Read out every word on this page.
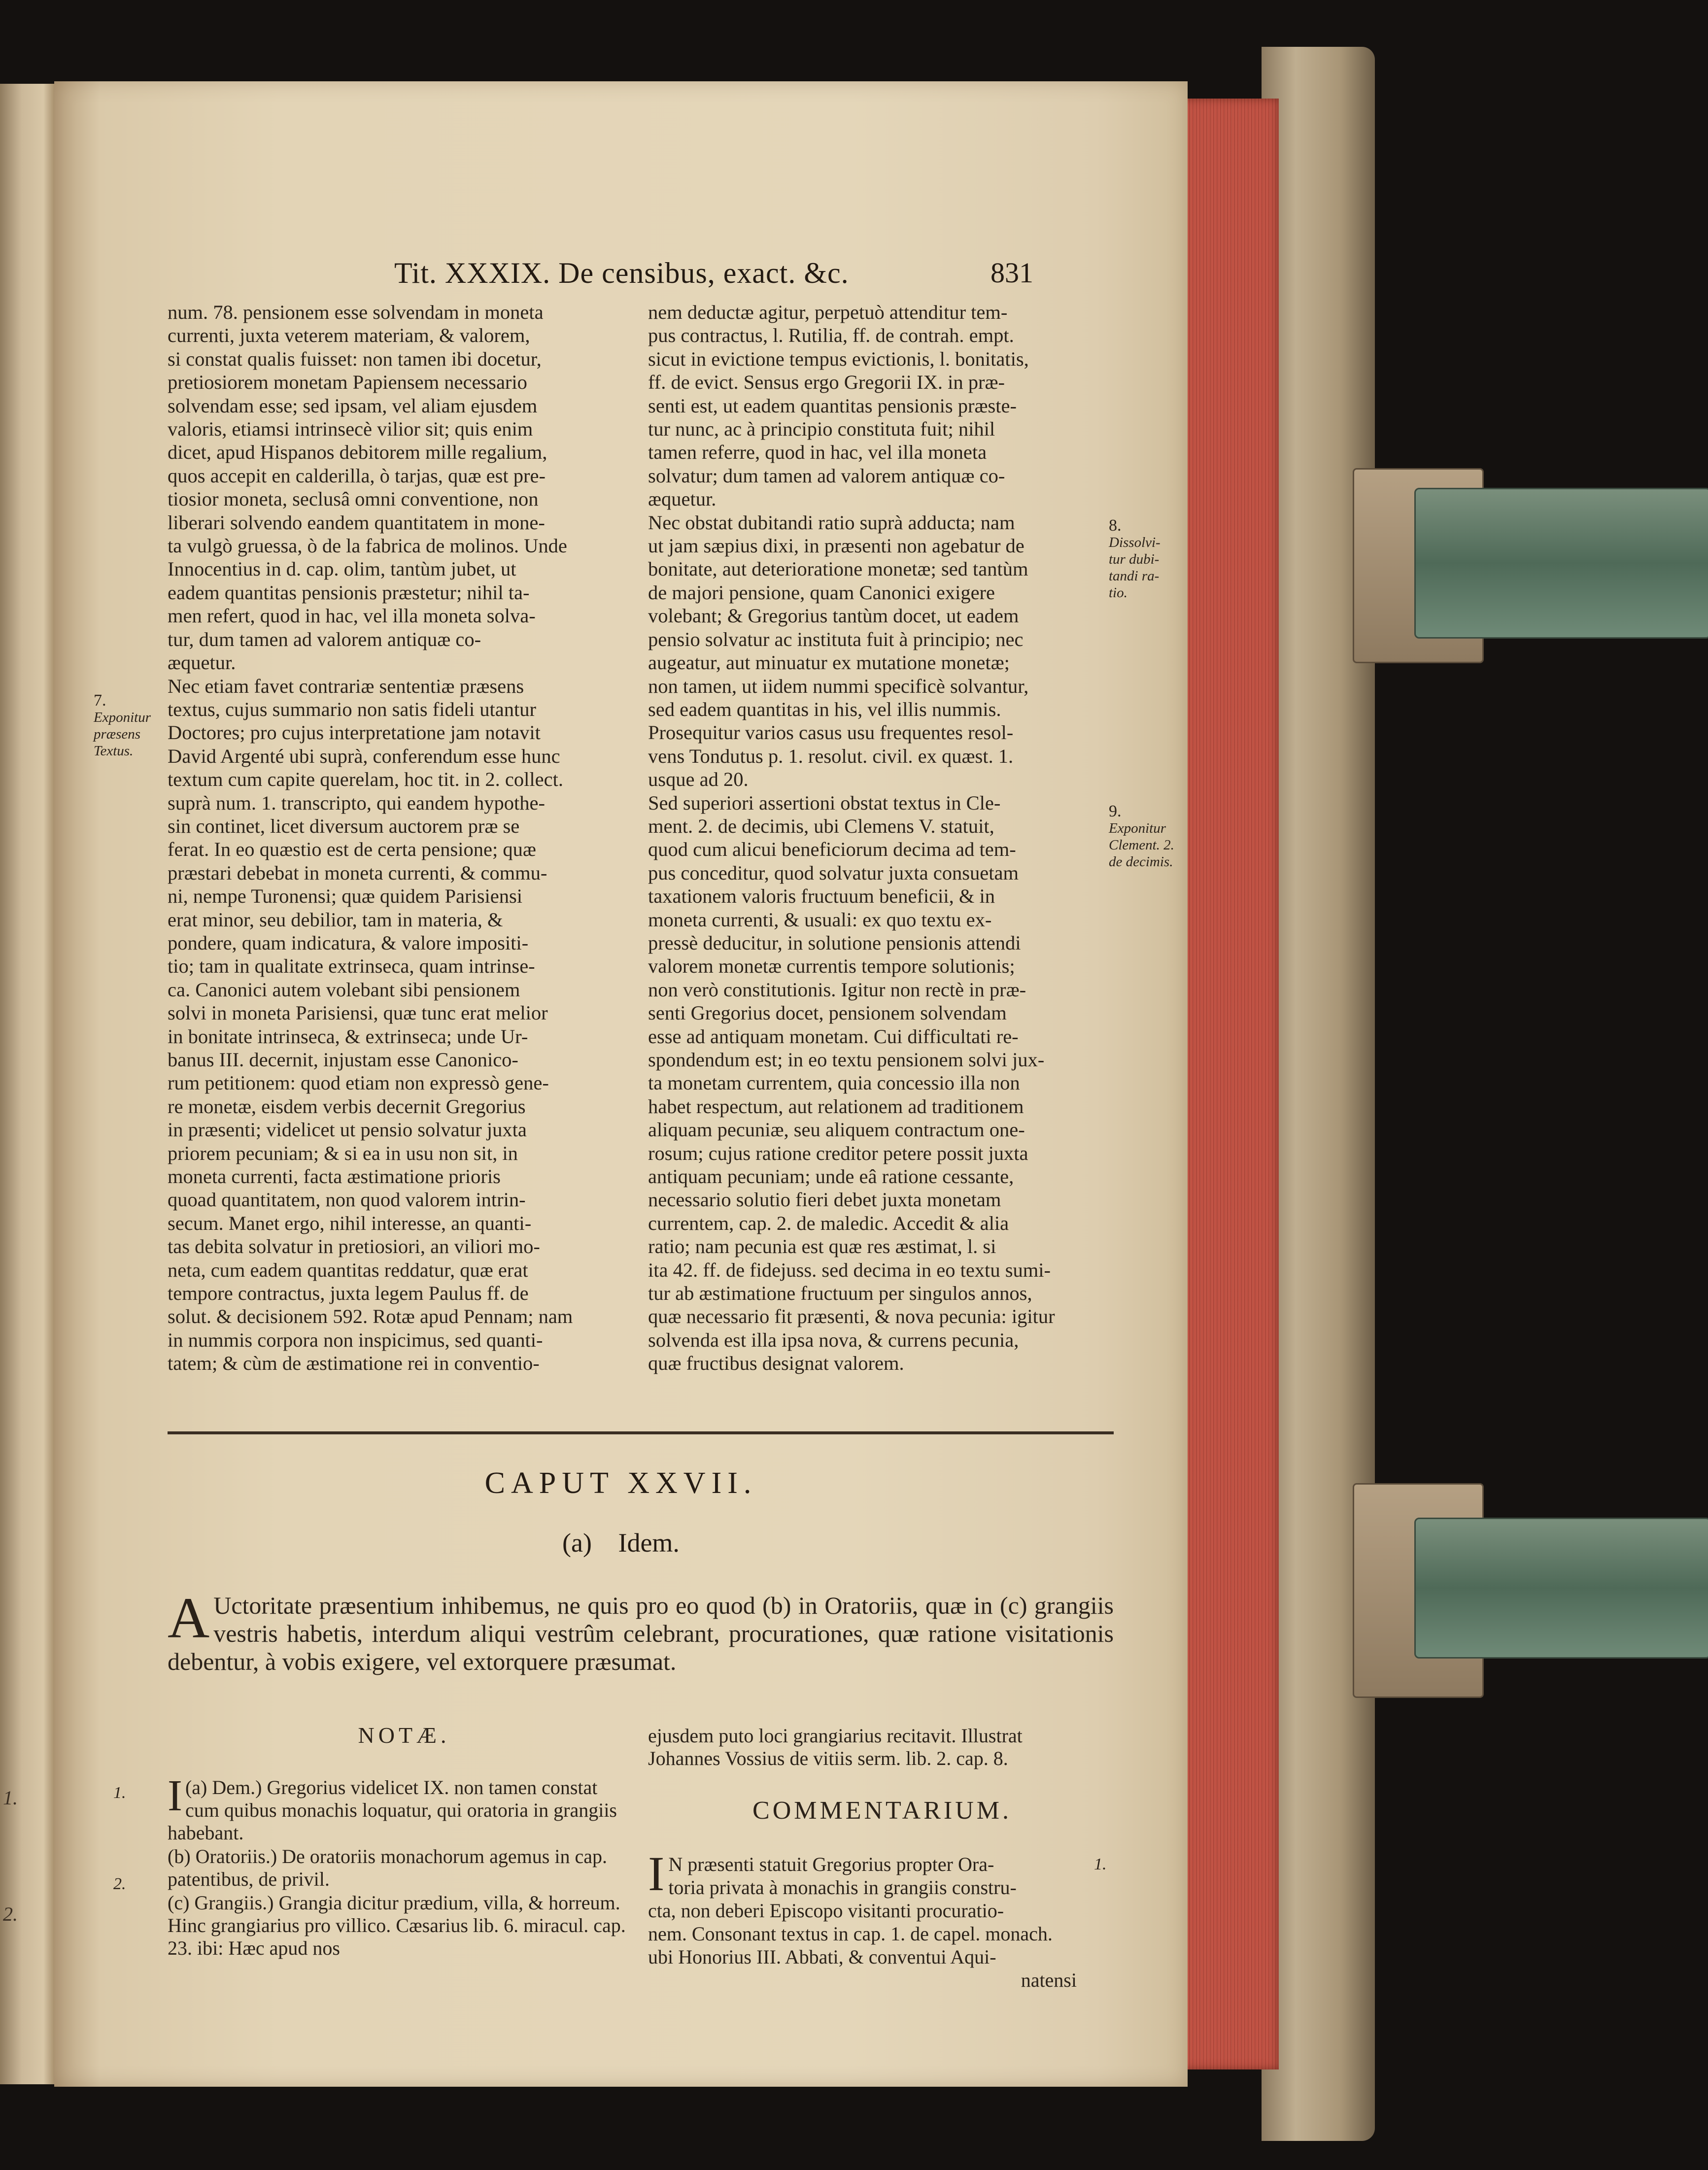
1.

2.
Tit. XXXIX. De censibus, exact. &c.	831
num. 78. pensionem esse solvendam in moneta
currenti, juxta veterem materiam, & valorem,
si constat qualis fuisset: non tamen ibi docetur,
pretiosiorem monetam Papiensem necessario
solvendam esse; sed ipsam, vel aliam ejusdem
valoris, etiamsi intrinsecè vilior sit; quis enim
dicet, apud Hispanos debitorem mille regalium,
quos accepit en calderilla, ò tarjas, quæ est pre-
tiosior moneta, seclusâ omni conventione, non
liberari solvendo eandem quantitatem in mone-
ta vulgò gruessa, ò de la fabrica de molinos. Unde
Innocentius in d. cap. olim, tantùm jubet, ut
eadem quantitas pensionis præstetur; nihil ta-
men refert, quod in hac, vel illa moneta solva-
tur, dum tamen ad valorem antiquæ co-
æquetur.
Nec etiam favet contrariæ sententiæ præsens
textus, cujus summario non satis fideli utantur
Doctores; pro cujus interpretatione jam notavit
David Argenté ubi suprà, conferendum esse hunc
textum cum capite querelam, hoc tit. in 2. collect.
suprà num. 1. transcripto, qui eandem hypothe-
sin continet, licet diversum auctorem præ se
ferat. In eo quæstio est de certa pensione; quæ
præstari debebat in moneta currenti, & commu-
ni, nempe Turonensi; quæ quidem Parisiensi
erat minor, seu debilior, tam in materia, &
pondere, quam indicatura, & valore impositi-
tio; tam in qualitate extrinseca, quam intrinse-
ca. Canonici autem volebant sibi pensionem
solvi in moneta Parisiensi, quæ tunc erat melior
in bonitate intrinseca, & extrinseca; unde Ur-
banus III. decernit, injustam esse Canonico-
rum petitionem: quod etiam non expressò gene-
re monetæ, eisdem verbis decernit Gregorius
in præsenti; videlicet ut pensio solvatur juxta
priorem pecuniam; & si ea in usu non sit, in
moneta currenti, facta æstimatione prioris
quoad quantitatem, non quod valorem intrin-
secum. Manet ergo, nihil interesse, an quanti-
tas debita solvatur in pretiosiori, an viliori mo-
neta, cum eadem quantitas reddatur, quæ erat
tempore contractus, juxta legem Paulus ff. de
solut. & decisionem 592. Rotæ apud Pennam; nam
in nummis corpora non inspicimus, sed quanti-
tatem; & cùm de æstimatione rei in conventio-
nem deductæ agitur, perpetuò attenditur tem-
pus contractus, l. Rutilia, ff. de contrah. empt.
sicut in evictione tempus evictionis, l. bonitatis,
ff. de evict. Sensus ergo Gregorii IX. in præ-
senti est, ut eadem quantitas pensionis præste-
tur nunc, ac à principio constituta fuit; nihil
tamen referre, quod in hac, vel illa moneta
solvatur; dum tamen ad valorem antiquæ co-
æquetur.
Nec obstat dubitandi ratio suprà adducta; nam
ut jam sæpius dixi, in præsenti non agebatur de
bonitate, aut deterioratione monetæ; sed tantùm
de majori pensione, quam Canonici exigere
volebant; & Gregorius tantùm docet, ut eadem
pensio solvatur ac instituta fuit à principio; nec
augeatur, aut minuatur ex mutatione monetæ;
non tamen, ut iidem nummi specificè solvantur,
sed eadem quantitas in his, vel illis nummis.
Prosequitur varios casus usu frequentes resol-
vens Tondutus p. 1. resolut. civil. ex quæst. 1.
usque ad 20.
Sed superiori assertioni obstat textus in Cle-
ment. 2. de decimis, ubi Clemens V. statuit,
quod cum alicui beneficiorum decima ad tem-
pus conceditur, quod solvatur juxta consuetam
taxationem valoris fructuum beneficii, & in
moneta currenti, & usuali: ex quo textu ex-
pressè deducitur, in solutione pensionis attendi
valorem monetæ currentis tempore solutionis;
non verò constitutionis. Igitur non rectè in præ-
senti Gregorius docet, pensionem solvendam
esse ad antiquam monetam. Cui difficultati re-
spondendum est; in eo textu pensionem solvi jux-
ta monetam currentem, quia concessio illa non
habet respectum, aut relationem ad traditionem
aliquam pecuniæ, seu aliquem contractum one-
rosum; cujus ratione creditor petere possit juxta
antiquam pecuniam; unde eâ ratione cessante,
necessario solutio fieri debet juxta monetam
currentem, cap. 2. de maledic. Accedit & alia
ratio; nam pecunia est quæ res æstimat, l. si
ita 42. ff. de fidejuss. sed decima in eo textu sumi-
tur ab æstimatione fructuum per singulos annos,
quæ necessario fit præsenti, & nova pecunia: igitur
solvenda est illa ipsa nova, & currens pecunia,
quæ fructibus designat valorem.
7.
Exponitur
præsens
Textus.
8.
Dissolvi-
tur dubi-
tandi ra-
tio.
9.
Exponitur
Clement. 2.
de decimis.
CAPUT XXVII.
(a) Idem.
A Uctoritate præsentium inhibemus, ne quis pro eo quod (b) in Oratoriis, quæ in (c) grangiis vestris habetis, interdum aliqui vestrûm celebrant, procurationes, quæ ratione visitationis debentur, à vobis exigere, vel extorquere præsumat.
NOTÆ.

(a)
I Dem.) Gregorius videlicet IX. non tamen constat cum quibus monachis loquatur, qui oratoria in grangiis habebant.

(b) Oratoriis.) De oratoriis monachorum agemus in cap. patentibus, de privil.

(c) Grangiis.) Grangia dicitur prædium, villa, & horreum. Hinc grangiarius pro villico. Cæsarius lib. 6. miracul. cap. 23. ibi: Hæc apud nos

1.
2.
ejusdem puto loci grangiarius recitavit. Illustrat
Johannes Vossius de vitiis serm. lib. 2. cap. 8.
COMMENTARIUM.
I N præsenti statuit Gregorius propter Ora-
toria privata à monachis in grangiis constru-
cta, non deberi Episcopo visitanti procuratio-
nem. Consonant textus in cap. 1. de capel. monach.
ubi Honorius III. Abbati, & conventui Aqui-

natensi
1.
